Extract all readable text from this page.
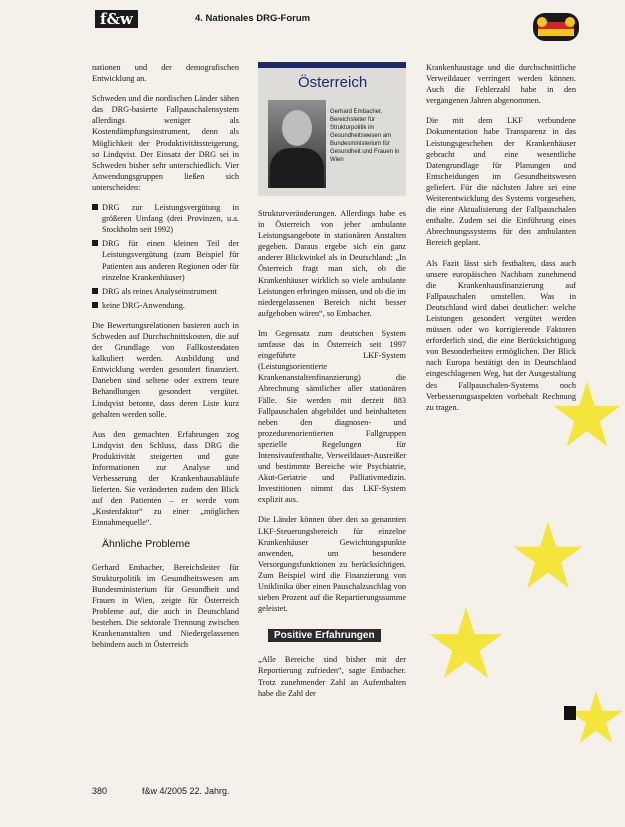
f&w	4. Nationales DRG-Forum

nationen und der demografischen Entwicklung an.

Schweden und die nordischen Länder sähen das DRG-basierte Fallpauschalensystem allerdings weniger als Kostendämpfungsinstrument, denn als Möglichkeit der Produktivitätssteigerung, so Lindqvist. Der Einsatz der DRG sei in Schweden bisher sehr unterschiedlich. Vier Anwendungsgruppen ließen sich unterscheiden:

DRG zur Leistungsvergütung in größeren Umfang (drei Provinzen, u.a. Stockholm seit 1992)
DRG für einen kleinen Teil der Leistungsvergütung (zum Beispiel für Patienten aus anderen Regionen oder für einzelne Krankenhäuser)
DRG als reines Analyseinstrument
keine DRG-Anwendung.

Die Bewertungsrelationen basieren auch in Schweden auf Durchschnittskosten, die auf der Grundlage von Fallkostendaten kalkuliert werden. Ausbildung und Entwicklung werden gesondert finanziert. Daneben sind seltene oder extrem teure Behandlungen gesondert vergütet. Lindqvist betonte, dass deren Liste kurz gehalten werden solle.

Aus den gemachten Erfahrungen zog Lindqvist den Schluss, dass DRG die Produktivität steigerten und gute Informationen zur Analyse und Verbesserung der Krankenhausabläufe lieferten. Sie veränderten zudem den Blick auf den Patienten – er werde vom „Kostenfaktor“ zu einer „möglichen Einnahmequelle“.

Ähnliche Probleme

Gerhard Embacher, Bereichsleiter für Strukturpolitik im Gesundheitswesen am Bundesministerium für Gesundheit und Frauen in Wien, zeigte für Österreich Probleme auf, die auch in Deutschland bestehen. Die sektorale Trennung zwischen Krankenanstalten und Niedergelassenen behindern auch in Österreich

Österreich
Gerhard Embacher, Bereichsleiter für Strukturpolitik im Gesundheitswesen am Bundesministerium für Gesundheit und Frauen in Wien

Strukturveränderungen. Allerdings habe es in Österreich von jeher ambulante Leistungsangebote in stationären Anstalten gegeben. Daraus ergebe sich ein ganz anderer Blickwinkel als in Deutschland: „In Österreich fragt man sich, ob die Krankenhäuser wirklich so viele ambulante Leistungen erbringen müssen, und ob die im niedergelassenen Bereich nicht besser aufgehoben wären“, so Embacher.

Im Gegensatz zum deutschen System umfasse das in Österreich seit 1997 eingeführte LKF-System (Leistungsorientierte Krankenanstaltenfinanzierung) die Abrechnung sämtlicher aller stationären Fälle. Sie werden mit derzeit 883 Fallpauschalen abgebildet und beinhalteten neben den diagnosen- und prozedurenorientierten Fallgruppen spezielle Regelungen für Intensivaufenthalte, Verweildauer-Ausreißer und bestimmte Bereiche wie Psychiatrie, Akut-Geriatrie und Palliativmedizin. Investitionen nimmt das LKF-System explizit aus.

Die Länder können über den so genannten LKF-Steuerungsbereich für einzelne Krankenhäuser Gewichtungspunkte anwenden, um besondere Versorgungsfunktionen zu berücksichtigen. Zum Beispiel wird die Finanzierung von Uniklinika über einen Pauschalzuschlag von sieben Prozent auf die Repartierungssumme geleistet.

Positive Erfahrungen

„Alle Bereiche sind bisher mit der Reportierung zufrieden“, sagte Embacher. Trotz zunehmender Zahl an Aufenthalten habe die Zahl der

Krankenhaustage und die durchschnittliche Verweildauer verringert werden können. Auch die Fehlerzahl habe in den vergangenen Jahren abgenommen.

Die mit dem LKF verbundene Dokumentation habe Transparenz in das Leistungsgeschehen der Krankenhäuser gebracht und eine wesentliche Datengrundlage für Planungen und Entscheidungen im Gesundheitswesen geliefert. Für die nächsten Jahre sei eine Weiterentwicklung des Systems vorgesehen, die eine Aktualisierung der Fallpauschalen enthalte. Zudem sei die Einführung eines Abrechnungssystems für den ambulanten Bereich geplant.

Als Fazit lässt sich festhalten, dass auch unsere europäischen Nachbarn zunehmend die Krankenhausfinanzierung auf Fallpauschalen umstellen. Was in Deutschland wird dabei deutlicher: welche Leistungen gesondert vergütet werden müssen oder wo korrigierende Faktoren erforderlich sind, die eine Berücksichtigung von Besonderheiten ermöglichen. Der Blick nach Europa bestätigt den in Deutschland eingeschlagenen Weg, hat der Ausgestaltung des Fallpauschalen-Systems noch Verbesserungsaspekten vorbehalt Rechnung zu tragen.

380	f&w 4/2005 22. Jahrg.
